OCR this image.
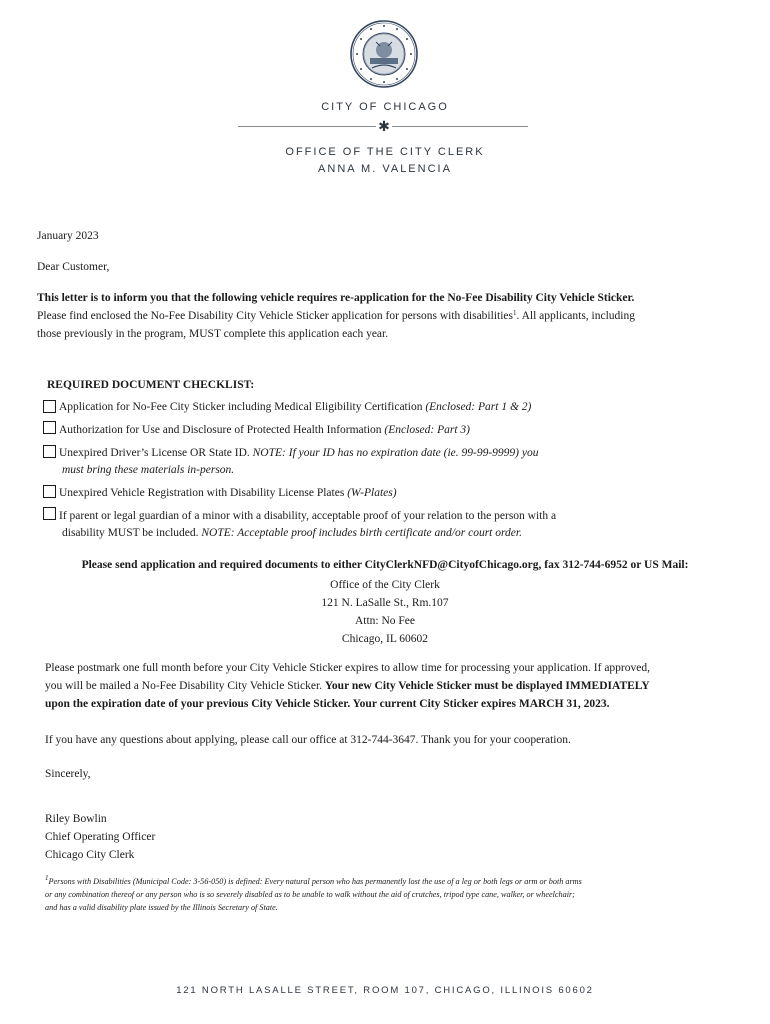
CITY OF CHICAGO
✱
OFFICE OF THE CITY CLERK
ANNA M. VALENCIA
January 2023
Dear Customer,

This letter is to inform you that the following vehicle requires re-application for the No-Fee Disability City Vehicle Sticker.

Please find enclosed the No-Fee Disability City Vehicle Sticker application for persons with disabilities$^1$. All applicants, including

those previously in the program, MUST complete this application each year.

REQUIRED DOCUMENT CHECKLIST:
Application for No-Fee City Sticker including Medical Eligibility Certification (Enclosed: Part 1 & 2)
Authorization for Use and Disclosure of Protected Health Information (Enclosed: Part 3)
Unexpired Driver’s License OR State ID. NOTE: If your ID has no expiration date (ie. 99-99-9999) you
must bring these materials in-person.
Unexpired Vehicle Registration with Disability License Plates (W-Plates)
If parent or legal guardian of a minor with a disability, acceptable proof of your relation to the person with a
disability MUST be included. NOTE: Acceptable proof includes birth certificate and/or court order.
Please send application and required documents to either CityClerkNFD@CityofChicago.org, fax 312-744-6952 or US Mail:
Office of the City Clerk
121 N. LaSalle St., Rm.107
Attn: No Fee
Chicago, IL 60602

Please postmark one full month before your City Vehicle Sticker expires to allow time for processing your application. If approved,

you will be mailed a No-Fee Disability City Vehicle Sticker. Your new City Vehicle Sticker must be displayed IMMEDIATELY

upon the expiration date of your previous City Vehicle Sticker. Your current City Sticker expires MARCH 31, 2023.

If you have any questions about applying, please call our office at 312-744-3647. Thank you for your cooperation.
Sincerely,
Riley Bowlin
Chief Operating Officer
Chicago City Clerk

$^1$Persons with Disabilities (Municipal Code: 3-56-050) is defined: Every natural person who has permanently lost the use of a leg or both legs or arm or both arms

or any combination thereof or any person who is so severely disabled as to be unable to walk without the aid of crutches, tripod type cane, walker, or wheelchair;

and has a valid disability plate issued by the Illinois Secretary of State.

121 NORTH LASALLE STREET, ROOM 107, CHICAGO, ILLINOIS 60602
